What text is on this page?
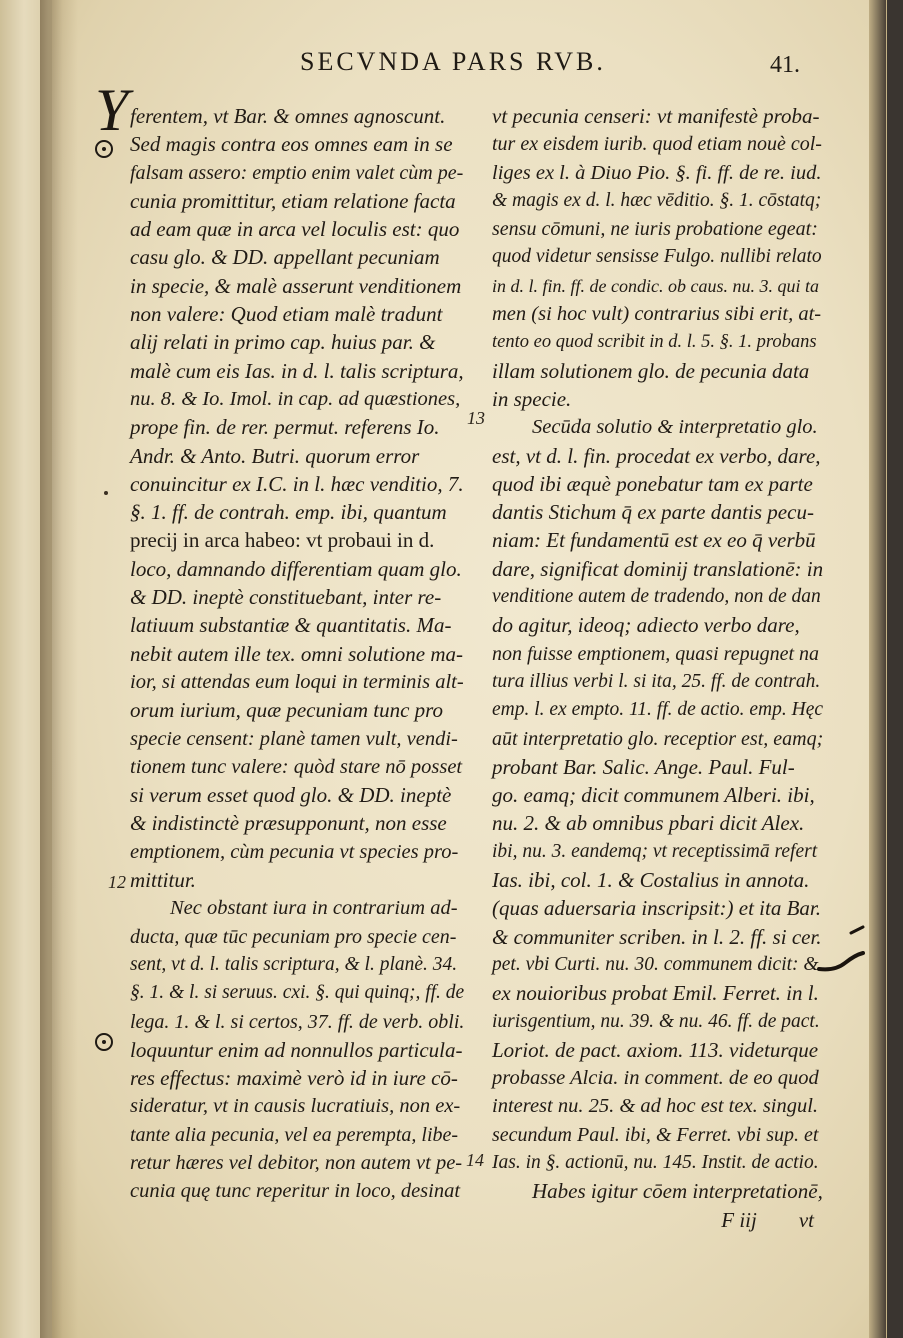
SECVNDA PARS RVB.	41.
Y
12
13
14
ferentem, vt Bar. & omnes agnoscunt.
Sed magis contra eos omnes eam in se
falsam asserо: emptio enim valet cùm pe-
cunia promittitur, etiam relatione facta
ad eam quæ in arca vel loculis est: quo
casu glo. & DD. appellant pecuniam
in specie, & malè asserunt venditionem
non valere: Quod etiam malè tradunt
alij relati in primo cap. huius par. &
malè cum eis Ias. in d. l. talis scriptura,
nu. 8. & Io. Imol. in cap. ad quæstiones,
prope fin. de rer. permut. referens Io.
Andr. & Anto. Butri. quorum error
conuincitur ex I.C. in l. hæc venditio, 7.
§. 1. ff. de contrah. emp. ibi, quantum
precij in arca habeo: vt probaui in d.
loco, damnando differentiam quam glo.
& DD. ineptè constituebant, inter re-
latiuum substantiæ & quantitatis. Ma-
nebit autem ille tex. omni solutione ma-
ior, si attendas eum loqui in terminis alt-
orum iurium, quæ pecuniam tunc pro
specie censent: planè tamen vult, vendi-
tionem tunc valere: quòd stare nō posset
si verum esset quod glo. & DD. ineptè
& indistinctè præsupponunt, non esse
emptionem, cùm pecunia vt species pro-
mittitur.
Nec obstant iura in contrarium ad-
ducta, quæ tūc pecuniam pro specie cen-
sent, vt d. l. talis scriptura, & l. planè. 34.
§. 1. & l. si seruus. cxi. §. qui quinq;, ff. de
lega. 1. & l. si certos, 37. ff. de verb. obli.
loquuntur enim ad nonnullos particula-
res effectus: maximè verò id in iure cō-
sideratur, vt in causis lucratiuis, non ex-
tante alia pecunia, vel ea perempta, libe-
retur hæres vel debitor, non autem vt pe-
cunia quę tunc reperitur in loco, desinat
vt pecunia censeri: vt manifestè proba-
tur ex eisdem iurib. quod etiam nouè col-
liges ex l. à Diuo Pio. §. fi. ff. de re. iud.
& magis ex d. l. hæc vēditio. §. 1. cōstatq;
sensu cōmuni, ne iuris probatione egeat:
quod videtur sensisse Fulgo. nullibi relato
in d. l. fin. ff. de condic. ob caus. nu. 3. qui ta
men (si hoc vult) contrarius sibi erit, at-
tento eo quod scribit in d. l. 5. §. 1. probans
illam solutionem glo. de pecunia data
in specie.
Secūda solutio & interpretatio glo.
est, vt d. l. fin. procedat ex verbo, dare,
quod ibi æquè ponebatur tam ex parte
dantis Stichum q̄ ex parte dantis pecu-
niam: Et fundamentū est ex eo q̄ verbū
dare, significat dominij translationē: in
venditione autem de tradendo, non de dan
do agitur, ideoq; adiecto verbo dare,
non fuisse emptionem, quasi repugnet na
tura illius verbi l. si ita, 25. ff. de contrah.
emp. l. ex empto. 11. ff. de actio. emp. Hęc
aūt interpretatio glo. receptior est, eamq;
probant Bar. Salic. Ange. Paul. Ful-
go. eamq; dicit communem Alberi. ibi,
nu. 2. & ab omnibus pbari dicit Alex.
ibi, nu. 3. eandemq; vt receptissimā refert
Ias. ibi, col. 1. & Costalius in annota.
(quas aduersaria inscripsit:) et ita Bar.
& communiter scriben. in l. 2. ff. si cer.
pet. vbi Curti. nu. 30. communem dicit: &
ex nouioribus probat Emil. Ferret. in l.
iurisgentium, nu. 39. & nu. 46. ff. de pact.
Loriot. de pact. axiom. 113. videturque
probasse Alcia. in comment. de eo quod
interest nu. 25. & ad hoc est tex. singul.
secundum Paul. ibi, & Ferret. vbi sup. et
Ias. in §. actionū, nu. 145. Instit. de actio.
Habes igitur cōem interpretationē,
F iij vt
